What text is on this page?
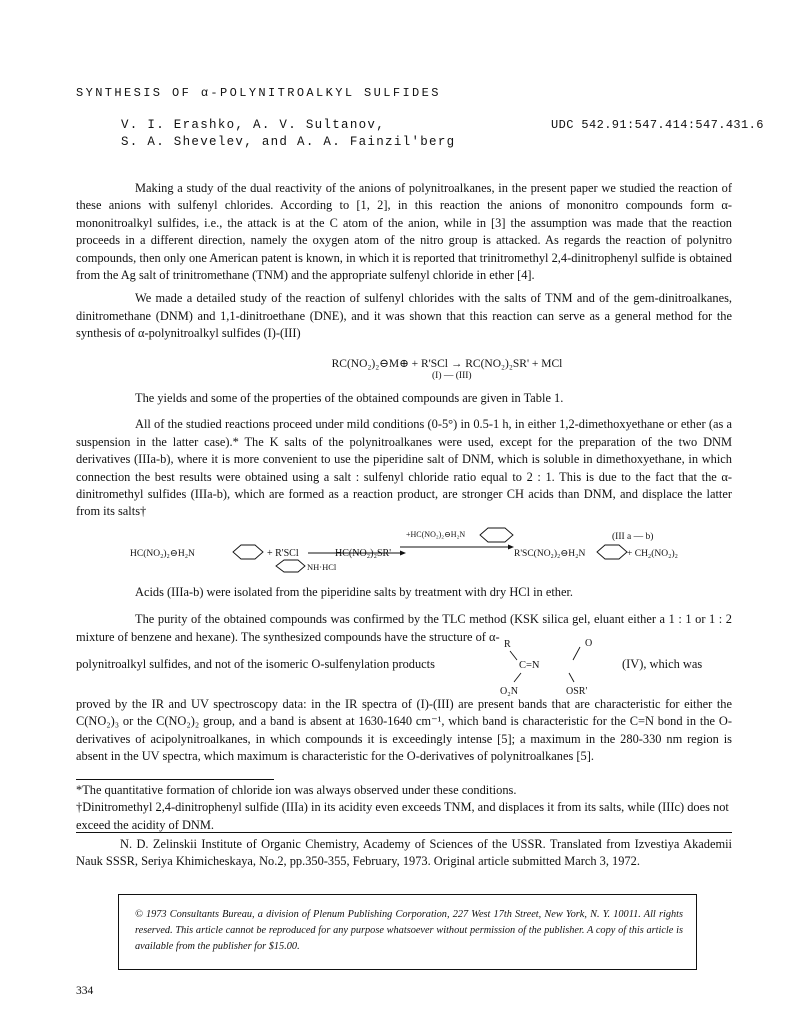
SYNTHESIS OF α-POLYNITROALKYL SULFIDES
V. I. Erashko, A. V. Sultanov,
S. A. Shevelev, and A. A. Fainzil'berg
UDC 542.91:547.414:547.431.6

Making a study of the dual reactivity of the anions of polynitroalkanes, in the present paper we studied the reaction of these anions with sulfenyl chlorides. According to [1, 2], in this reaction the anions of mononitro compounds form α-mononitroalkyl sulfides, i.e., the attack is at the C atom of the anion, while in [3] the assumption was made that the reaction proceeds in a different direction, namely the oxygen atom of the nitro group is attacked. As regards the reaction of polynitro compounds, then only one American patent is known, in which it is reported that trinitromethyl 2,4-dinitrophenyl sulfide is obtained from the Ag salt of trinitromethane (TNM) and the appropriate sulfenyl chloride in ether [4].

We made a detailed study of the reaction of sulfenyl chlorides with the salts of TNM and of the gem-dinitroalkanes, dinitromethane (DNM) and 1,1-dinitroethane (DNE), and it was shown that this reaction can serve as a general method for the synthesis of α-polynitroalkyl sulfides (I)-(III)

RC(NO₂)₂⊖M⊕ + R'SCl → RC(NO₂)₂SR' + MCl
(I) — (III)

The yields and some of the properties of the obtained compounds are given in Table 1.

All of the studied reactions proceed under mild conditions (0-5°) in 0.5-1 h, in either 1,2-dimethoxyethane or ether (as a suspension in the latter case).* The K salts of the polynitroalkanes were used, except for the preparation of the two DNM derivatives (IIIa-b), where it is more convenient to use the piperidine salt of DNM, which is soluble in dimethoxyethane, in which connection the best results were obtained using a salt : sulfenyl chloride ratio equal to 2 : 1. This is due to the fact that the α-dinitromethyl sulfides (IIIa-b), which are formed as a reaction product, are stronger CH acids than DNM, and displace the latter from its salts†

HC(NO₂)₂⊖H₂N	+ R'SCl
NH·HCl
HC(NO₂)₂SR'
+HC(NO₂)₂⊖H₂N
R'SC(NO₂)₂⊖H₂N
(III a — b)
+ CH₂(NO₂)₂

Acids (IIIa-b) were isolated from the piperidine salts by treatment with dry HCl in ether.

The purity of the obtained compounds was confirmed by the TLC method (KSK silica gel, eluant either a 1 : 1 or 1 : 2 mixture of benzene and hexane). The synthesized compounds have the structure of α-

polynitroalkyl sulfides, and not of the isomeric O-sulfenylation products
R	O
C=N
O₂N	OSR'
(IV), which was

proved by the IR and UV spectroscopy data: in the IR spectra of (I)-(III) are present bands that are characteristic for either the C(NO₂)₃ or the C(NO₂)₂ group, and a band is absent at 1630-1640 cm⁻¹, which band is characteristic for the C=N bond in the O-derivatives of acipolynitroalkanes, in which compounds it is exceedingly intense [5]; a maximum in the 280-330 nm region is absent in the UV spectra, which maximum is characteristic for the O-derivatives of polynitroalkanes [5].

*The quantitative formation of chloride ion was always observed under these conditions.
†Dinitromethyl 2,4-dinitrophenyl sulfide (IIIa) in its acidity even exceeds TNM, and displaces it from its salts, while (IIIc) does not exceed the acidity of DNM.
N. D. Zelinskii Institute of Organic Chemistry, Academy of Sciences of the USSR. Translated from Izvestiya Akademii Nauk SSSR, Seriya Khimicheskaya, No.2, pp.350-355, February, 1973. Original article submitted March 3, 1972.
© 1973 Consultants Bureau, a division of Plenum Publishing Corporation, 227 West 17th Street, New York, N. Y. 10011. All rights reserved. This article cannot be reproduced for any purpose whatsoever without permission of the publisher. A copy of this article is available from the publisher for $15.00.
334
